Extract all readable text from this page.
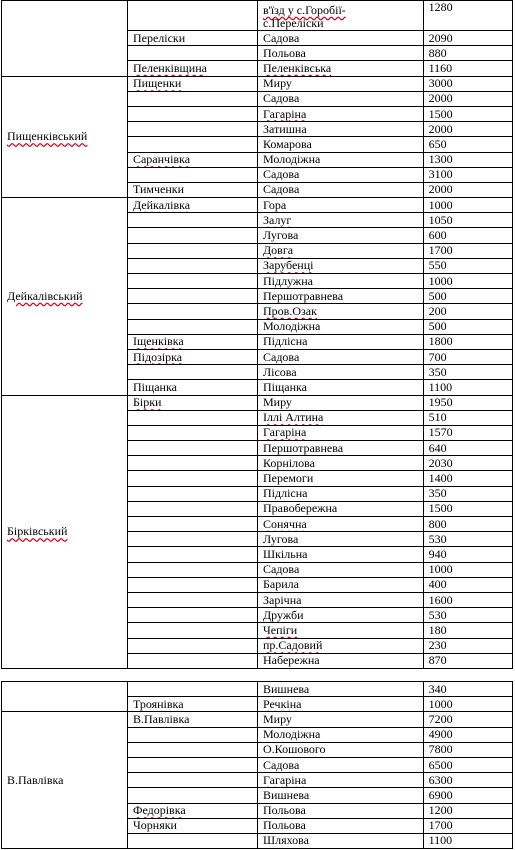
		в'їзд у с.Горобії-
с.Перелiски	1280
	Перелiски	Садова	2090
		Польова	880
	Пеленкiвщина	Пеленкiвська	1160
Пищенкiвський	Пищенки	Миру	3000
		Садова	2000
		Гагарiна	1500
		Затишна	2000
		Комарова	650
	Саранчiвка	Молодiжна	1300
		Садова	3100
	Тимченки	Садова	2000
Дейкалiвський	Дейкалiвка	Гора	1000
		Залуг	1050
		Лугова	600
		Довга	1700
		Зарубенцi	550
		Пiдлужна	1000
		Першотравнева	500
		Пров.Озак	200
		Молодiжна	500
	Iщенкiвка	Пiдлiсна	1800
	Пiдозiрка	Садова	700
		Лiсова	350
	Пiщанка	Пiщанка	1100
Бiркiвський	Бiрки	Миру	1950
		Iллi Алтина	510
		Гагарiна	1570
		Першотравнева	640
		Корнiлова	2030
		Перемоги	1400
		Пiдлiсна	350
		Правобережна	1500
		Сонячна	800
		Лугова	530
		Шкiльна	940
		Садова	1000
		Барила	400
		Зарiчна	1600
		Дружби	530
		Чепiги	180
		пр.Садовий	230
		Набережна	870
		Вишнева	340
	Троянiвка	Речкiна	1000
В.Павлiвка	В.Павлiвка	Миру	7200
		Молодiжна	4900
		О.Кошового	7800
		Садова	6500
		Гагарiна	6300
		Вишнева	6900
	Федорiвка	Польова	1200
	Чорняки	Польова	1700
		Шляхова	1100
